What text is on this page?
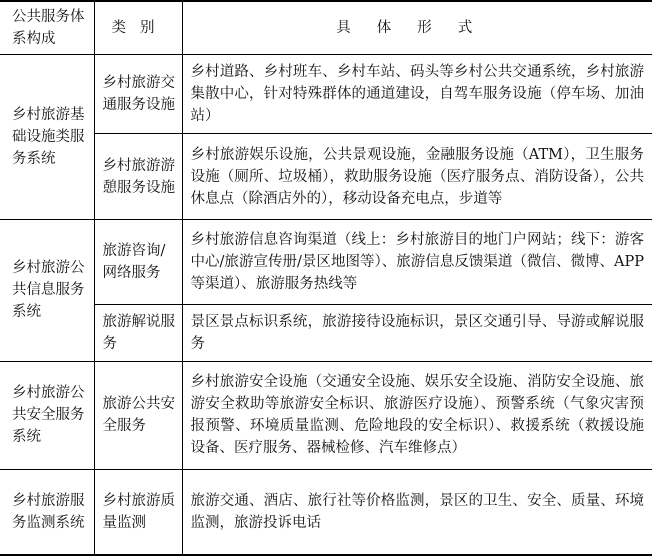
公共服务体系构成	类别	具体形式
乡村旅游基础设施类服务系统	乡村旅游交通服务设施	乡村道路、乡村班车、乡村车站、码头等乡村公共交通系统，乡村旅游集散中心，针对特殊群体的通道建设，自驾车服务设施（停车场、加油站）
	乡村旅游游憩服务设施	乡村旅游娱乐设施，公共景观设施，金融服务设施（ATM），卫生服务设施（厕所、垃圾桶），救助服务设施（医疗服务点、消防设备），公共休息点（除酒店外的），移动设备充电点，步道等
乡村旅游公共信息服务系统	旅游咨询/网络服务	乡村旅游信息咨询渠道（线上：乡村旅游目的地门户网站；线下：游客中心/旅游宣传册/景区地图等）、旅游信息反馈渠道（微信、微博、APP等渠道）、旅游服务热线等
	旅游解说服务	景区景点标识系统，旅游接待设施标识，景区交通引导、导游或解说服务
乡村旅游公共安全服务系统	旅游公共安全服务	乡村旅游安全设施（交通安全设施、娱乐安全设施、消防安全设施、旅游安全救助等旅游安全标识、旅游医疗设施）、预警系统（气象灾害预报预警、环境质量监测、危险地段的安全标识）、救援系统（救援设施设备、医疗服务、器械检修、汽车维修点）
乡村旅游服务监测系统	乡村旅游质量监测	旅游交通、酒店、旅行社等价格监测，景区的卫生、安全、质量、环境监测，旅游投诉电话
